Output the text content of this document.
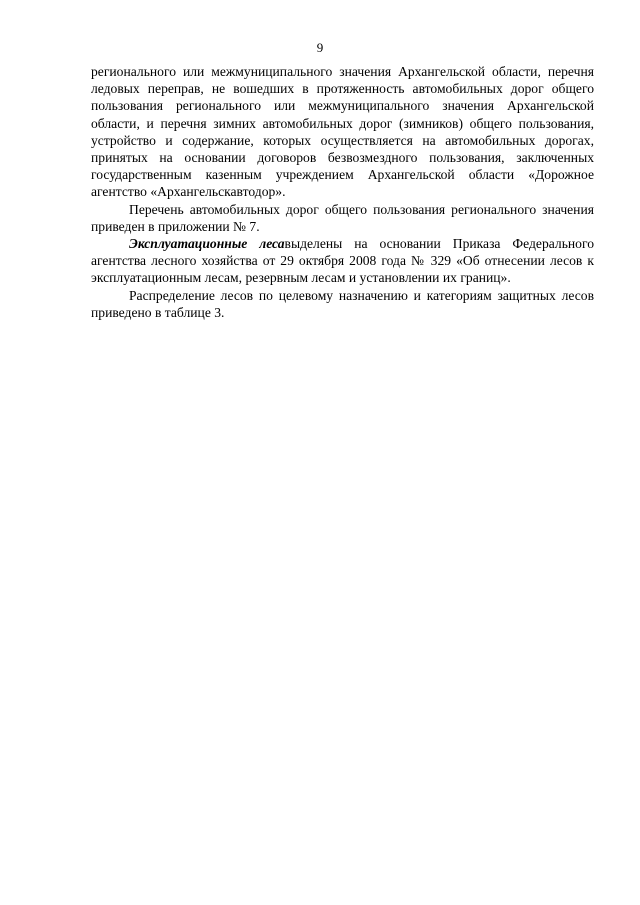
9

регионального или межмуниципального значения Архангельской области, перечня ледовых переправ, не вошедших в протяженность автомобильных дорог общего пользования регионального или межмуниципального значения Архангельской области, и перечня зимних автомобильных дорог (зимников) общего пользования, устройство и содержание, которых осуществляется на автомобильных дорогах, принятых на основании договоров безвозмездного пользования, заключенных государственным казенным учреждением Архангельской области «Дорожное агентство «Архангельскавтодор».

Перечень автомобильных дорог общего пользования регионального значения приведен в приложении № 7.

Эксплуатационные лесавыделены на основании Приказа Федерального агентства лесного хозяйства от 29 октября 2008 года № 329 «Об отнесении лесов к эксплуатационным лесам, резервным лесам и установлении их границ».

Распределение лесов по целевому назначению и категориям защитных лесов приведено в таблице 3.
